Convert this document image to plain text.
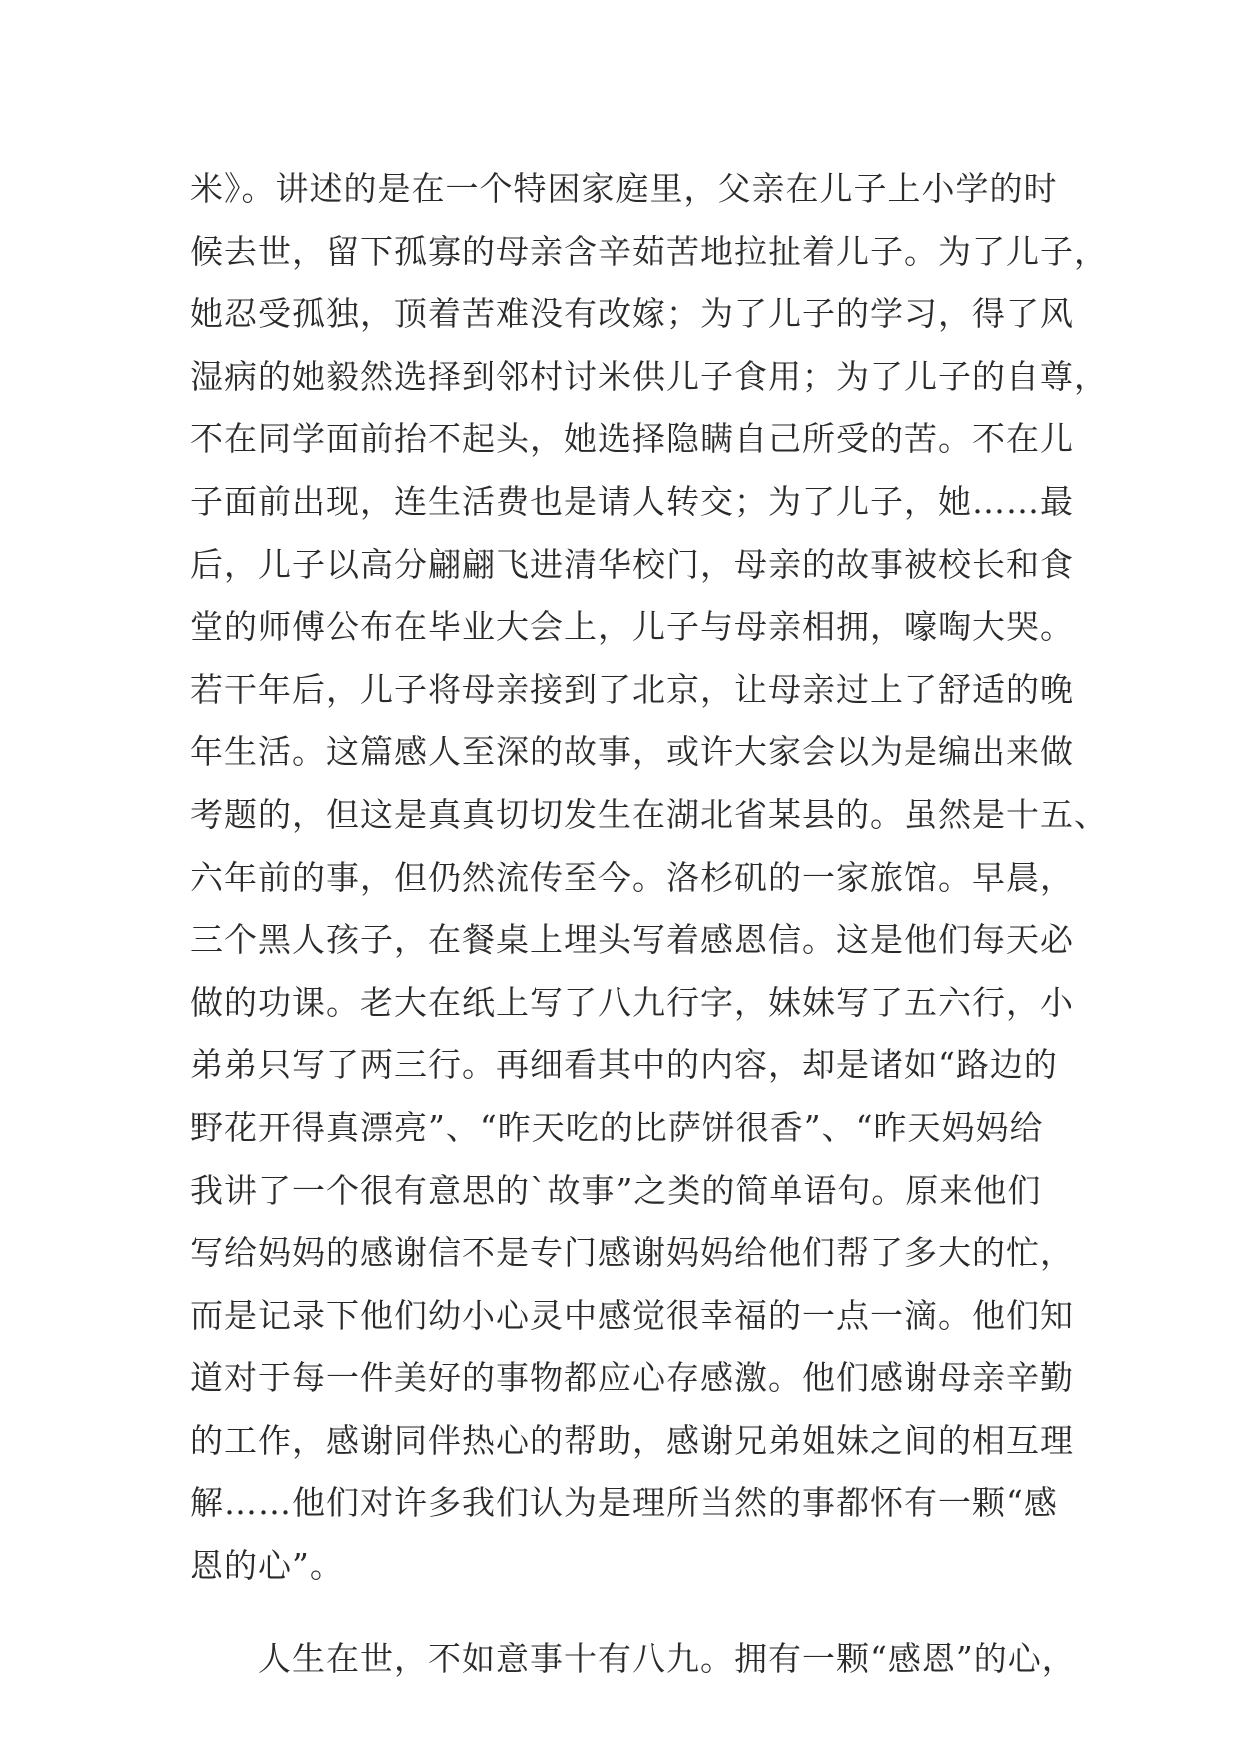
米》。讲述的是在一个特困家庭里，父亲在儿子上小学的时
候去世，留下孤寡的母亲含辛茹苦地拉扯着儿子。为了儿子，
她忍受孤独，顶着苦难没有改嫁；为了儿子的学习，得了风
湿病的她毅然选择到邻村讨米供儿子食用；为了儿子的自尊，
不在同学面前抬不起头，她选择隐瞒自己所受的苦。不在儿
子面前出现，连生活费也是请人转交；为了儿子，她……最
后，儿子以高分翩翩飞进清华校门，母亲的故事被校长和食
堂的师傅公布在毕业大会上，儿子与母亲相拥，嚎啕大哭。
若干年后，儿子将母亲接到了北京，让母亲过上了舒适的晚
年生活。这篇感人至深的故事，或许大家会以为是编出来做
考题的，但这是真真切切发生在湖北省某县的。虽然是十五、
六年前的事，但仍然流传至今。洛杉矶的一家旅馆。早晨，
三个黑人孩子，在餐桌上埋头写着感恩信。这是他们每天必
做的功课。老大在纸上写了八九行字，妹妹写了五六行，小
弟弟只写了两三行。再细看其中的内容，却是诸如“路边的
野花开得真漂亮”、“昨天吃的比萨饼很香”、“昨天妈妈给
我讲了一个很有意思的`故事”之类的简单语句。原来他们
写给妈妈的感谢信不是专门感谢妈妈给他们帮了多大的忙，
而是记录下他们幼小心灵中感觉很幸福的一点一滴。他们知
道对于每一件美好的事物都应心存感激。他们感谢母亲辛勤
的工作，感谢同伴热心的帮助，感谢兄弟姐妹之间的相互理
解……他们对许多我们认为是理所当然的事都怀有一颗“感
恩的心”。
人生在世，不如意事十有八九。拥有一颗“感恩”的心，
